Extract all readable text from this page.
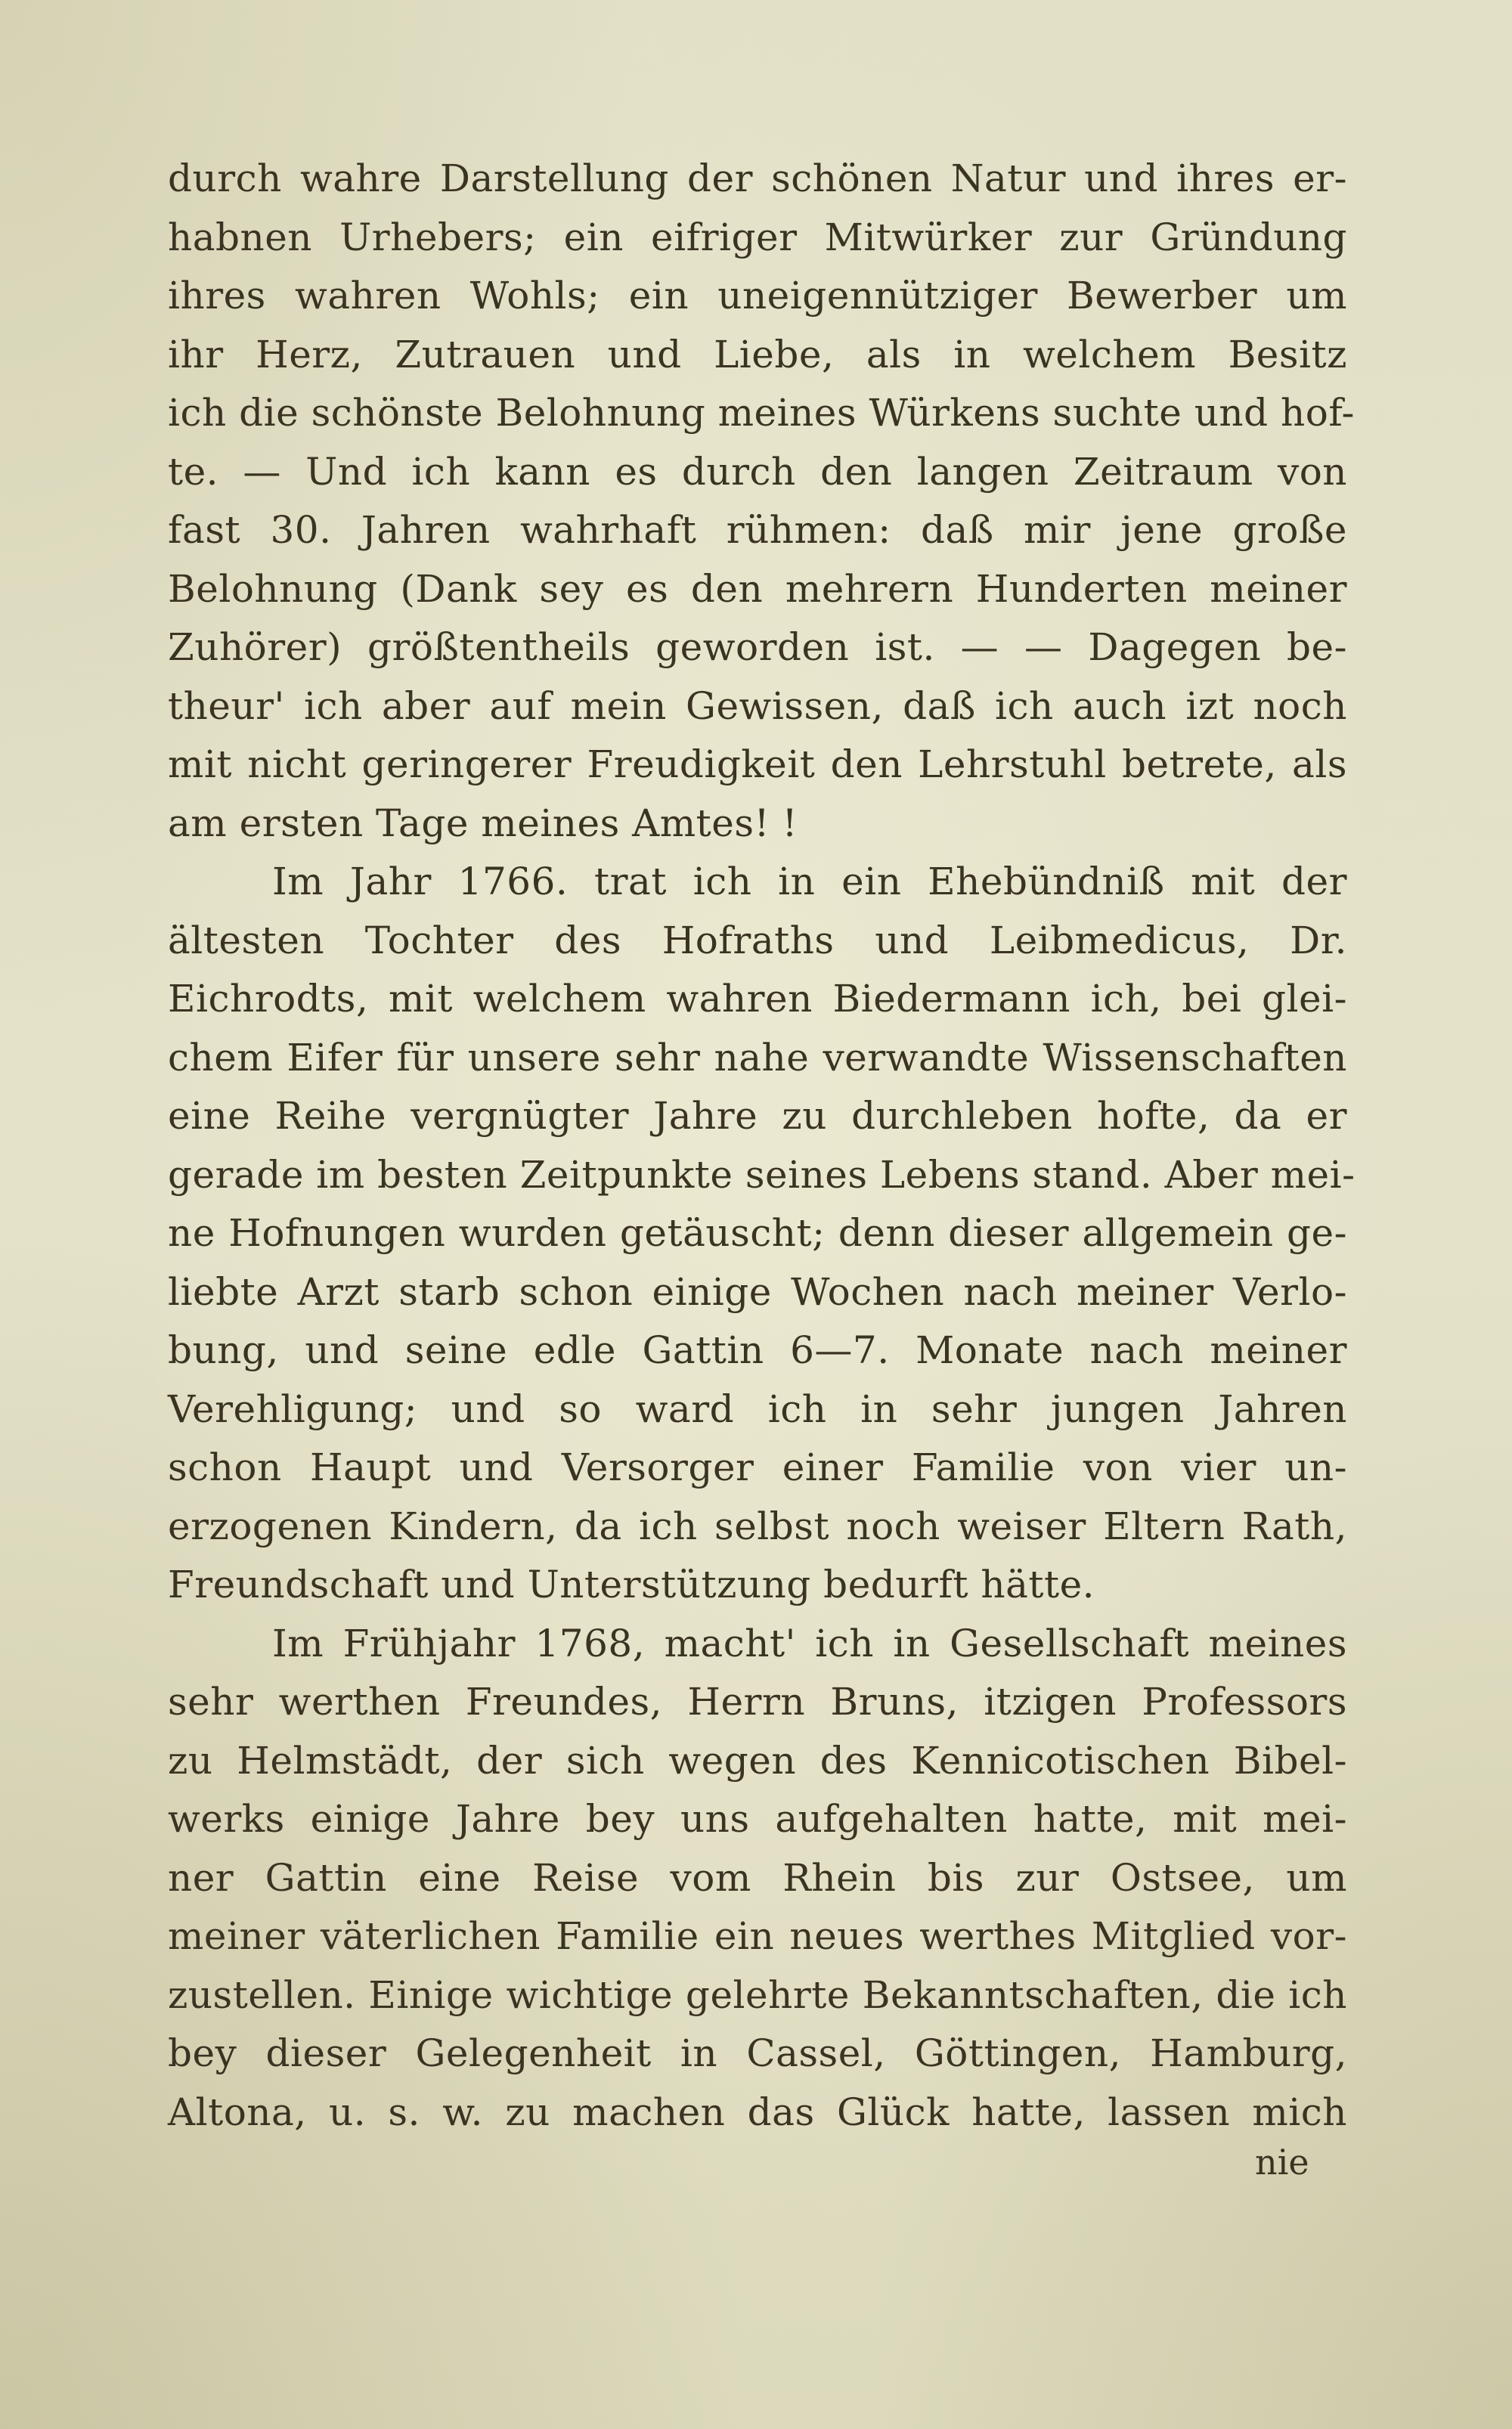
durch wahre Darstellung der schönen Natur und ihres er-
habnen Urhebers; ein eifriger Mitwürker zur Gründung
ihres wahren Wohls; ein uneigennütziger Bewerber um
ihr Herz, Zutrauen und Liebe, als in welchem Besitz
ich die schönste Belohnung meines Würkens suchte und hof-
te. — Und ich kann es durch den langen Zeitraum von
fast 30. Jahren wahrhaft rühmen: daß mir jene große
Belohnung (Dank sey es den mehrern Hunderten meiner
Zuhörer) größtentheils geworden ist. — — Dagegen be-
theur' ich aber auf mein Gewissen, daß ich auch izt noch
mit nicht geringerer Freudigkeit den Lehrstuhl betrete, als
am ersten Tage meines Amtes! !
Im Jahr 1766. trat ich in ein Ehebündniß mit der
ältesten Tochter des Hofraths und Leibmedicus, Dr.
Eichrodts, mit welchem wahren Biedermann ich, bei glei-
chem Eifer für unsere sehr nahe verwandte Wissenschaften
eine Reihe vergnügter Jahre zu durchleben hofte, da er
gerade im besten Zeitpunkte seines Lebens stand. Aber mei-
ne Hofnungen wurden getäuscht; denn dieser allgemein ge-
liebte Arzt starb schon einige Wochen nach meiner Verlo-
bung, und seine edle Gattin 6—7. Monate nach meiner
Verehligung; und so ward ich in sehr jungen Jahren
schon Haupt und Versorger einer Familie von vier un-
erzogenen Kindern, da ich selbst noch weiser Eltern Rath,
Freundschaft und Unterstützung bedurft hätte.
Im Frühjahr 1768, macht' ich in Gesellschaft meines
sehr werthen Freundes, Herrn Bruns, itzigen Professors
zu Helmstädt, der sich wegen des Kennicotischen Bibel-
werks einige Jahre bey uns aufgehalten hatte, mit mei-
ner Gattin eine Reise vom Rhein bis zur Ostsee, um
meiner väterlichen Familie ein neues werthes Mitglied vor-
zustellen. Einige wichtige gelehrte Bekanntschaften, die ich
bey dieser Gelegenheit in Cassel, Göttingen, Hamburg,
Altona, u. s. w. zu machen das Glück hatte, lassen mich
nie
